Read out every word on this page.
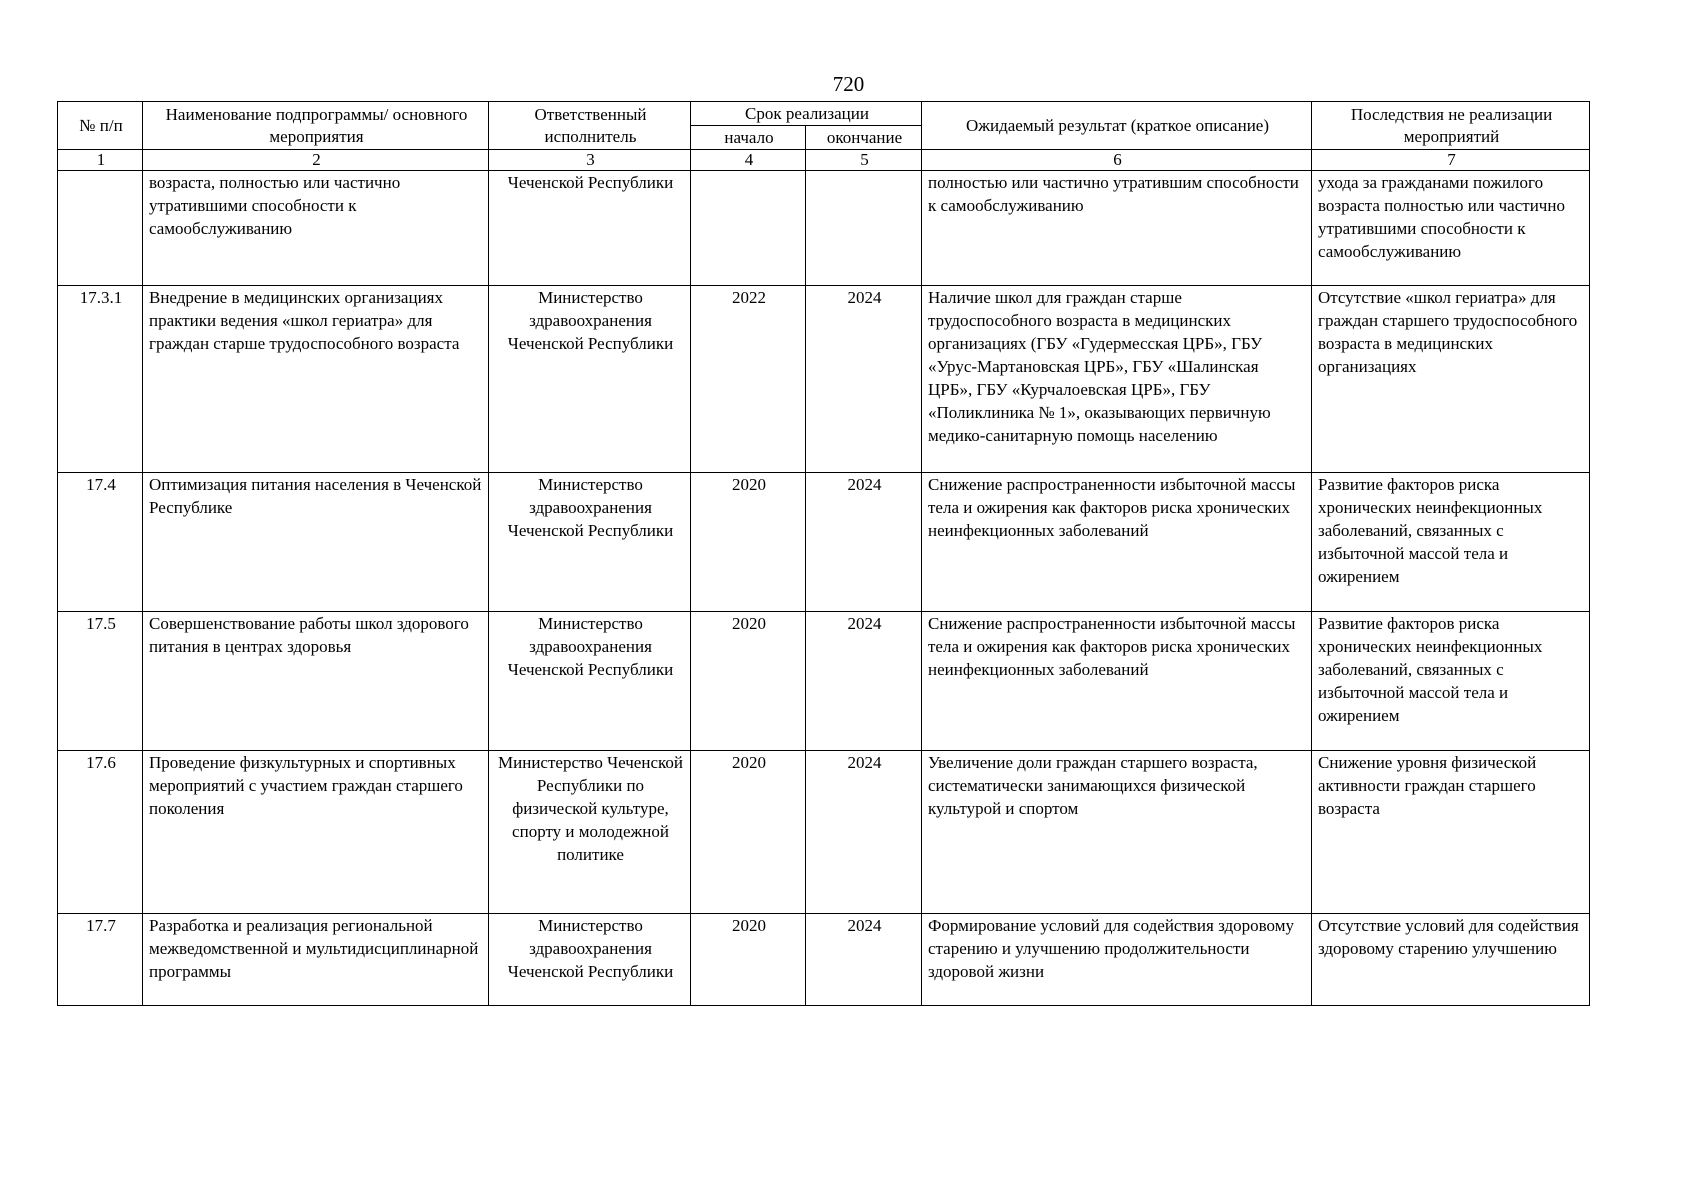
720
№ п/п	Наименование подпрограммы/ основного мероприятия	Ответственный исполнитель	Срок реализации		Ожидаемый результат (краткое описание)	Последствия не реализации мероприятий
			начало	окончание		
1	2	3	4	5	6	7
	возраста, полностью или частично утратившими способности к самообслуживанию	Чеченской Республики			полностью или частично утратившим способности к самообслуживанию	ухода за гражданами пожилого возраста полностью или частично утратившими способности к самообслуживанию
17.3.1	Внедрение в медицинских организациях практики ведения «школ гериатра» для граждан старше трудоспособного возраста	Министерство здравоохранения Чеченской Республики	2022	2024	Наличие школ для граждан старше трудоспособного возраста в медицинских организациях (ГБУ «Гудермесская ЦРБ», ГБУ «Урус-Мартановская ЦРБ», ГБУ «Шалинская ЦРБ», ГБУ «Курчалоевская ЦРБ», ГБУ «Поликлиника № 1», оказывающих первичную медико-санитарную помощь населению	Отсутствие «школ гериатра» для граждан старшего трудоспособного возраста в медицинских организациях
17.4	Оптимизация питания населения в Чеченской Республике	Министерство здравоохранения Чеченской Республики	2020	2024	Снижение распространенности избыточной массы тела и ожирения как факторов риска хронических неинфекционных заболеваний	Развитие факторов риска хронических неинфекционных заболеваний, связанных с избыточной массой тела и ожирением
17.5	Совершенствование работы школ здорового питания в центрах здоровья	Министерство здравоохранения Чеченской Республики	2020	2024	Снижение распространенности избыточной массы тела и ожирения как факторов риска хронических неинфекционных заболеваний	Развитие факторов риска хронических неинфекционных заболеваний, связанных с избыточной массой тела и ожирением
17.6	Проведение физкультурных и спортивных мероприятий с участием граждан старшего поколения	Министерство Чеченской Республики по физической культуре, спорту и молодежной политике	2020	2024	Увеличение доли граждан старшего возраста, систематически занимающихся физической культурой и спортом	Снижение уровня физической активности граждан старшего возраста
17.7	Разработка и реализация региональной межведомственной и мультидисциплинарной программы	Министерство здравоохранения Чеченской Республики	2020	2024	Формирование условий для содействия здоровому старению и улучшению продолжительности здоровой жизни	Отсутствие условий для содействия здоровому старению улучшению
